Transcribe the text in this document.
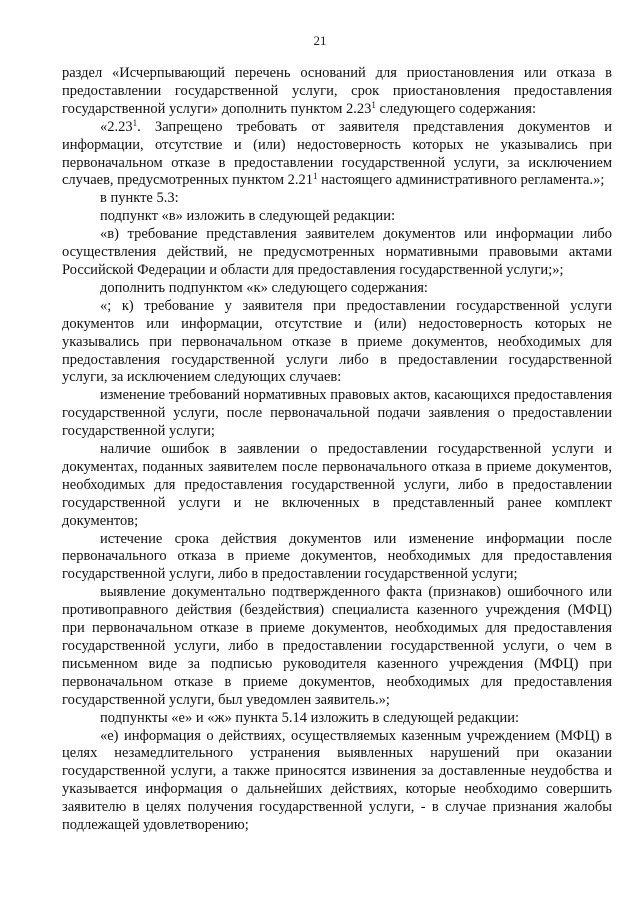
21

раздел «Исчерпывающий перечень оснований для приостановления или отказа в предоставлении государственной услуги, срок приостановления предоставления государственной услуги» дополнить пунктом 2.23$^1$ следующего содержания:

«2.23$^1$. Запрещено требовать от заявителя представления документов и информации, отсутствие и (или) недостоверность которых не указывались при первоначальном отказе в предоставлении государственной услуги, за исключением случаев, предусмотренных пунктом 2.21$^1$ настоящего административного регламента.»;

в пункте 5.3:

подпункт «в» изложить в следующей редакции:

«в) требование представления заявителем документов или информации либо осуществления действий, не предусмотренных нормативными правовыми актами Российской Федерации и области для предоставления государственной услуги;»;

дополнить подпунктом «к» следующего содержания:

«; к) требование у заявителя при предоставлении государственной услуги документов или информации, отсутствие и (или) недостоверность которых не указывались при первоначальном отказе в приеме документов, необходимых для предоставления государственной услуги либо в предоставлении государственной услуги, за исключением следующих случаев:

изменение требований нормативных правовых актов, касающихся предоставления государственной услуги, после первоначальной подачи заявления о предоставлении государственной услуги;

наличие ошибок в заявлении о предоставлении государственной услуги и документах, поданных заявителем после первоначального отказа в приеме документов, необходимых для предоставления государственной услуги, либо в предоставлении государственной услуги и не включенных в представленный ранее комплект документов;

истечение срока действия документов или изменение информации после первоначального отказа в приеме документов, необходимых для предоставления государственной услуги, либо в предоставлении государственной услуги;

выявление документально подтвержденного факта (признаков) ошибочного или противоправного действия (бездействия) специалиста казенного учреждения (МФЦ) при первоначальном отказе в приеме документов, необходимых для предоставления государственной услуги, либо в предоставлении государственной услуги, о чем в письменном виде за подписью руководителя казенного учреждения (МФЦ) при первоначальном отказе в приеме документов, необходимых для предоставления государственной услуги, был уведомлен заявитель.»;

подпункты «е» и «ж» пункта 5.14 изложить в следующей редакции:

«е) информация о действиях, осуществляемых казенным учреждением (МФЦ) в целях незамедлительного устранения выявленных нарушений при оказании государственной услуги, а также приносятся извинения за доставленные неудобства и указывается информация о дальнейших действиях, которые необходимо совершить заявителю в целях получения государственной услуги, - в случае признания жалобы подлежащей удовлетворению;
